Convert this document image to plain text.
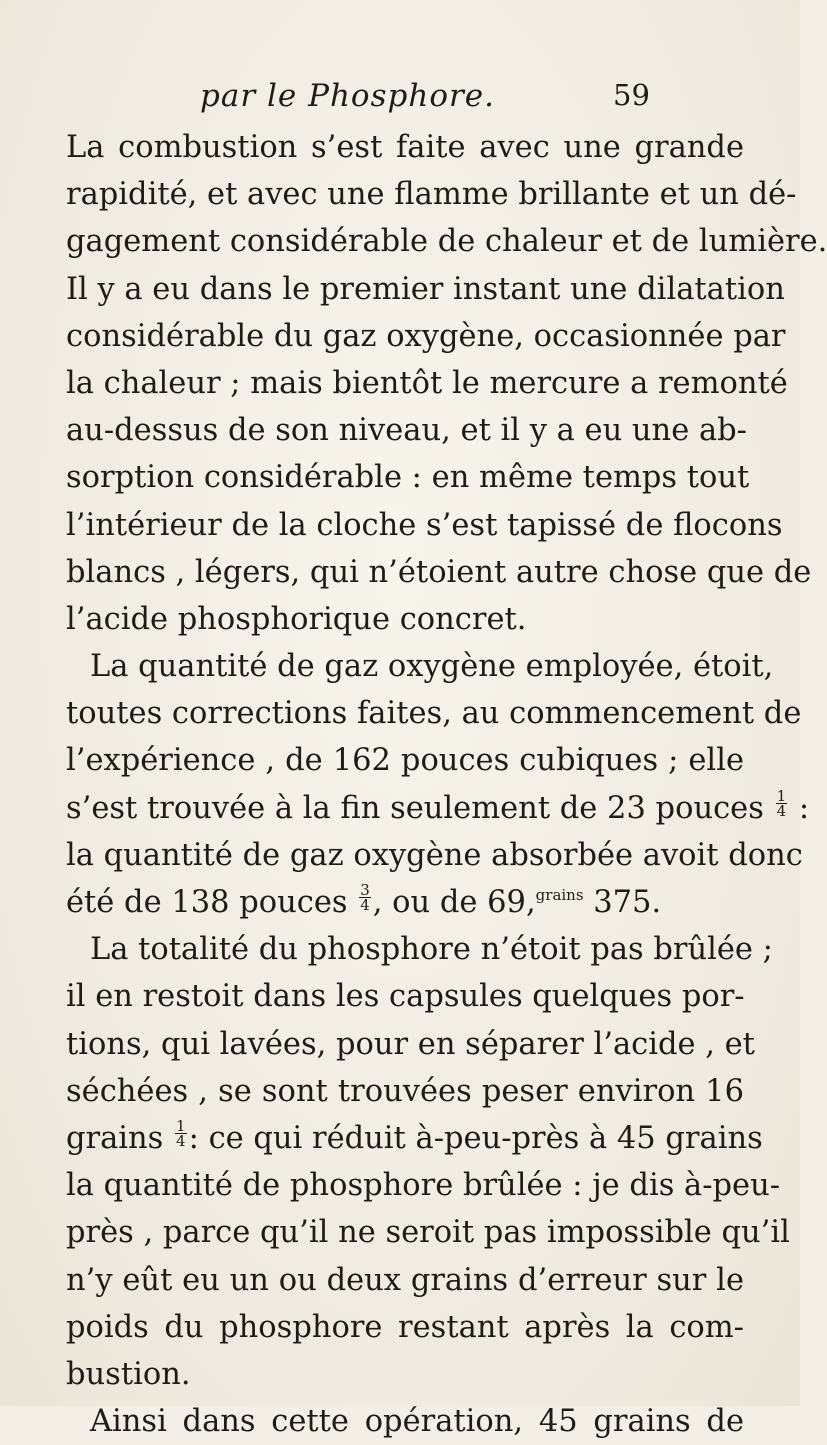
par le Phosphore.	59
La combustion s’est faite avec une grande
rapidité, et avec une flamme brillante et un dé-
gagement considérable de chaleur et de lumière.
Il y a eu dans le premier instant une dilatation
considérable du gaz oxygène, occasionnée par
la chaleur ; mais bientôt le mercure a remonté
au-dessus de son niveau, et il y a eu une ab-
sorption considérable : en même temps tout
l’intérieur de la cloche s’est tapissé de flocons
blancs , légers, qui n’étoient autre chose que de
l’acide phosphorique concret.
La quantité de gaz oxygène employée, étoit,
toutes corrections faites, au commencement de
l’expérience , de 162 pouces cubiques ; elle
s’est trouvée à la fin seulement de 23 pouces $\frac{1}{4}$ :
la quantité de gaz oxygène absorbée avoit donc
été de 138 pouces $\frac{3}{4}$ , ou de 69,$^{grains}$ 375.
La totalité du phosphore n’étoit pas brûlée ;
il en restoit dans les capsules quelques por-
tions, qui lavées, pour en séparer l’acide , et
séchées , se sont trouvées peser environ 16
grains $\frac{1}{4}$ : ce qui réduit à-peu-près à 45 grains
la quantité de phosphore brûlée : je dis à-peu-
près , parce qu’il ne seroit pas impossible qu’il
n’y eût eu un ou deux grains d’erreur sur le
poids du phosphore restant après la com-
bustion.
Ainsi dans cette opération, 45 grains de
